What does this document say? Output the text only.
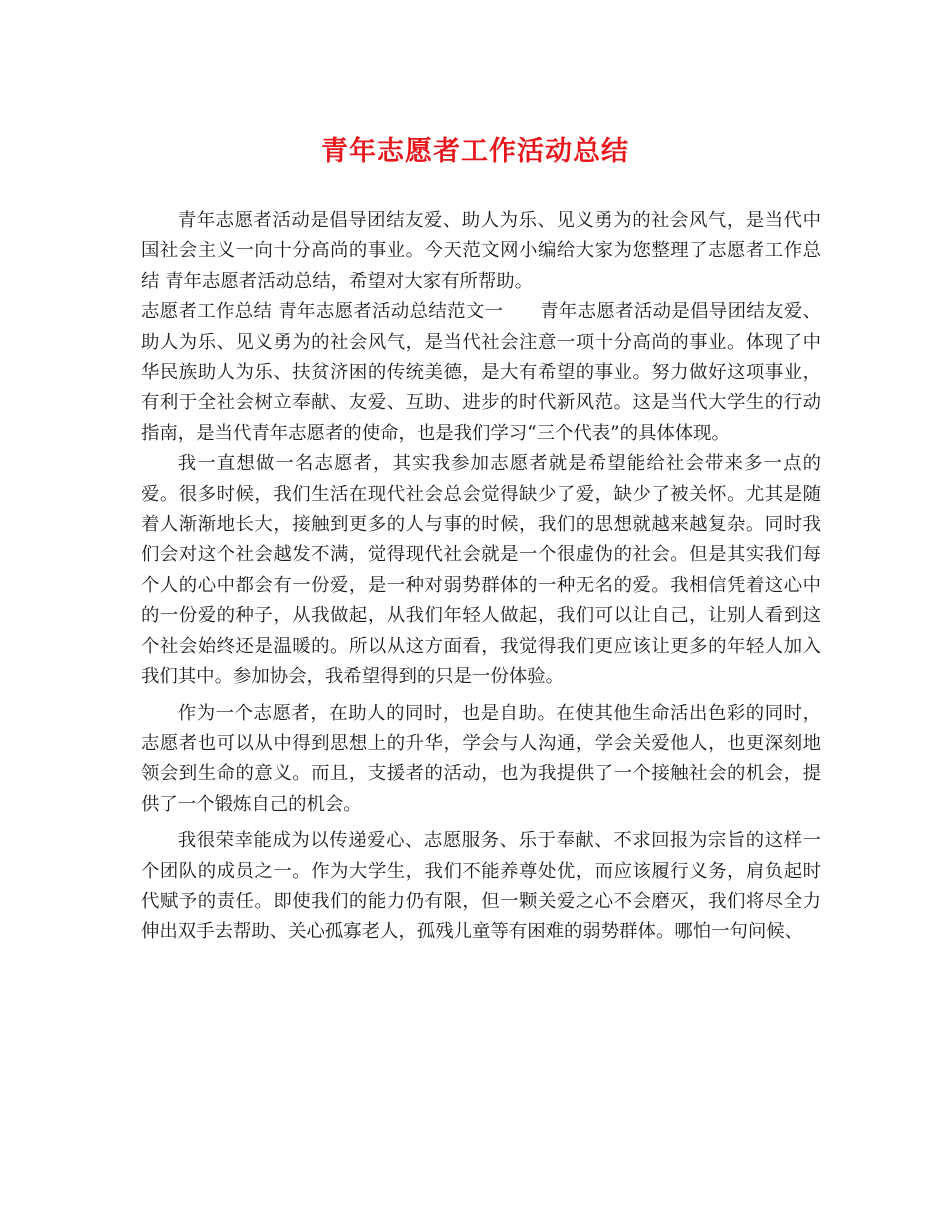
青年志愿者工作活动总结

青年志愿者活动是倡导团结友爱、助人为乐、见义勇为的社会风气，是当代中国社会主义一向十分高尚的事业。今天范文网小编给大家为您整理了志愿者工作总结 青年志愿者活动总结，希望对大家有所帮助。

志愿者工作总结 青年志愿者活动总结范文一 青年志愿者活动是倡导团结友爱、助人为乐、见义勇为的社会风气，是当代社会注意一项十分高尚的事业。体现了中华民族助人为乐、扶贫济困的传统美德，是大有希望的事业。努力做好这项事业，有利于全社会树立奉献、友爱、互助、进步的时代新风范。这是当代大学生的行动指南，是当代青年志愿者的使命，也是我们学习“三个代表”的具体体现。

我一直想做一名志愿者，其实我参加志愿者就是希望能给社会带来多一点的爱。很多时候，我们生活在现代社会总会觉得缺少了爱，缺少了被关怀。尤其是随着人渐渐地长大，接触到更多的人与事的时候，我们的思想就越来越复杂。同时我们会对这个社会越发不满，觉得现代社会就是一个很虚伪的社会。但是其实我们每个人的心中都会有一份爱，是一种对弱势群体的一种无名的爱。我相信凭着这心中的一份爱的种子，从我做起，从我们年轻人做起，我们可以让自己，让别人看到这个社会始终还是温暖的。所以从这方面看，我觉得我们更应该让更多的年轻人加入我们其中。参加协会，我希望得到的只是一份体验。

作为一个志愿者，在助人的同时，也是自助。在使其他生命活出色彩的同时，志愿者也可以从中得到思想上的升华，学会与人沟通，学会关爱他人，也更深刻地领会到生命的意义。而且，支援者的活动，也为我提供了一个接触社会的机会，提供了一个锻炼自己的机会。

我很荣幸能成为以传递爱心、志愿服务、乐于奉献、不求回报为宗旨的这样一个团队的成员之一。作为大学生，我们不能养尊处优，而应该履行义务，肩负起时代赋予的责任。即使我们的能力仍有限，但一颗关爱之心不会磨灭，我们将尽全力伸出双手去帮助、关心孤寡老人，孤残儿童等有困难的弱势群体。哪怕一句问候、
